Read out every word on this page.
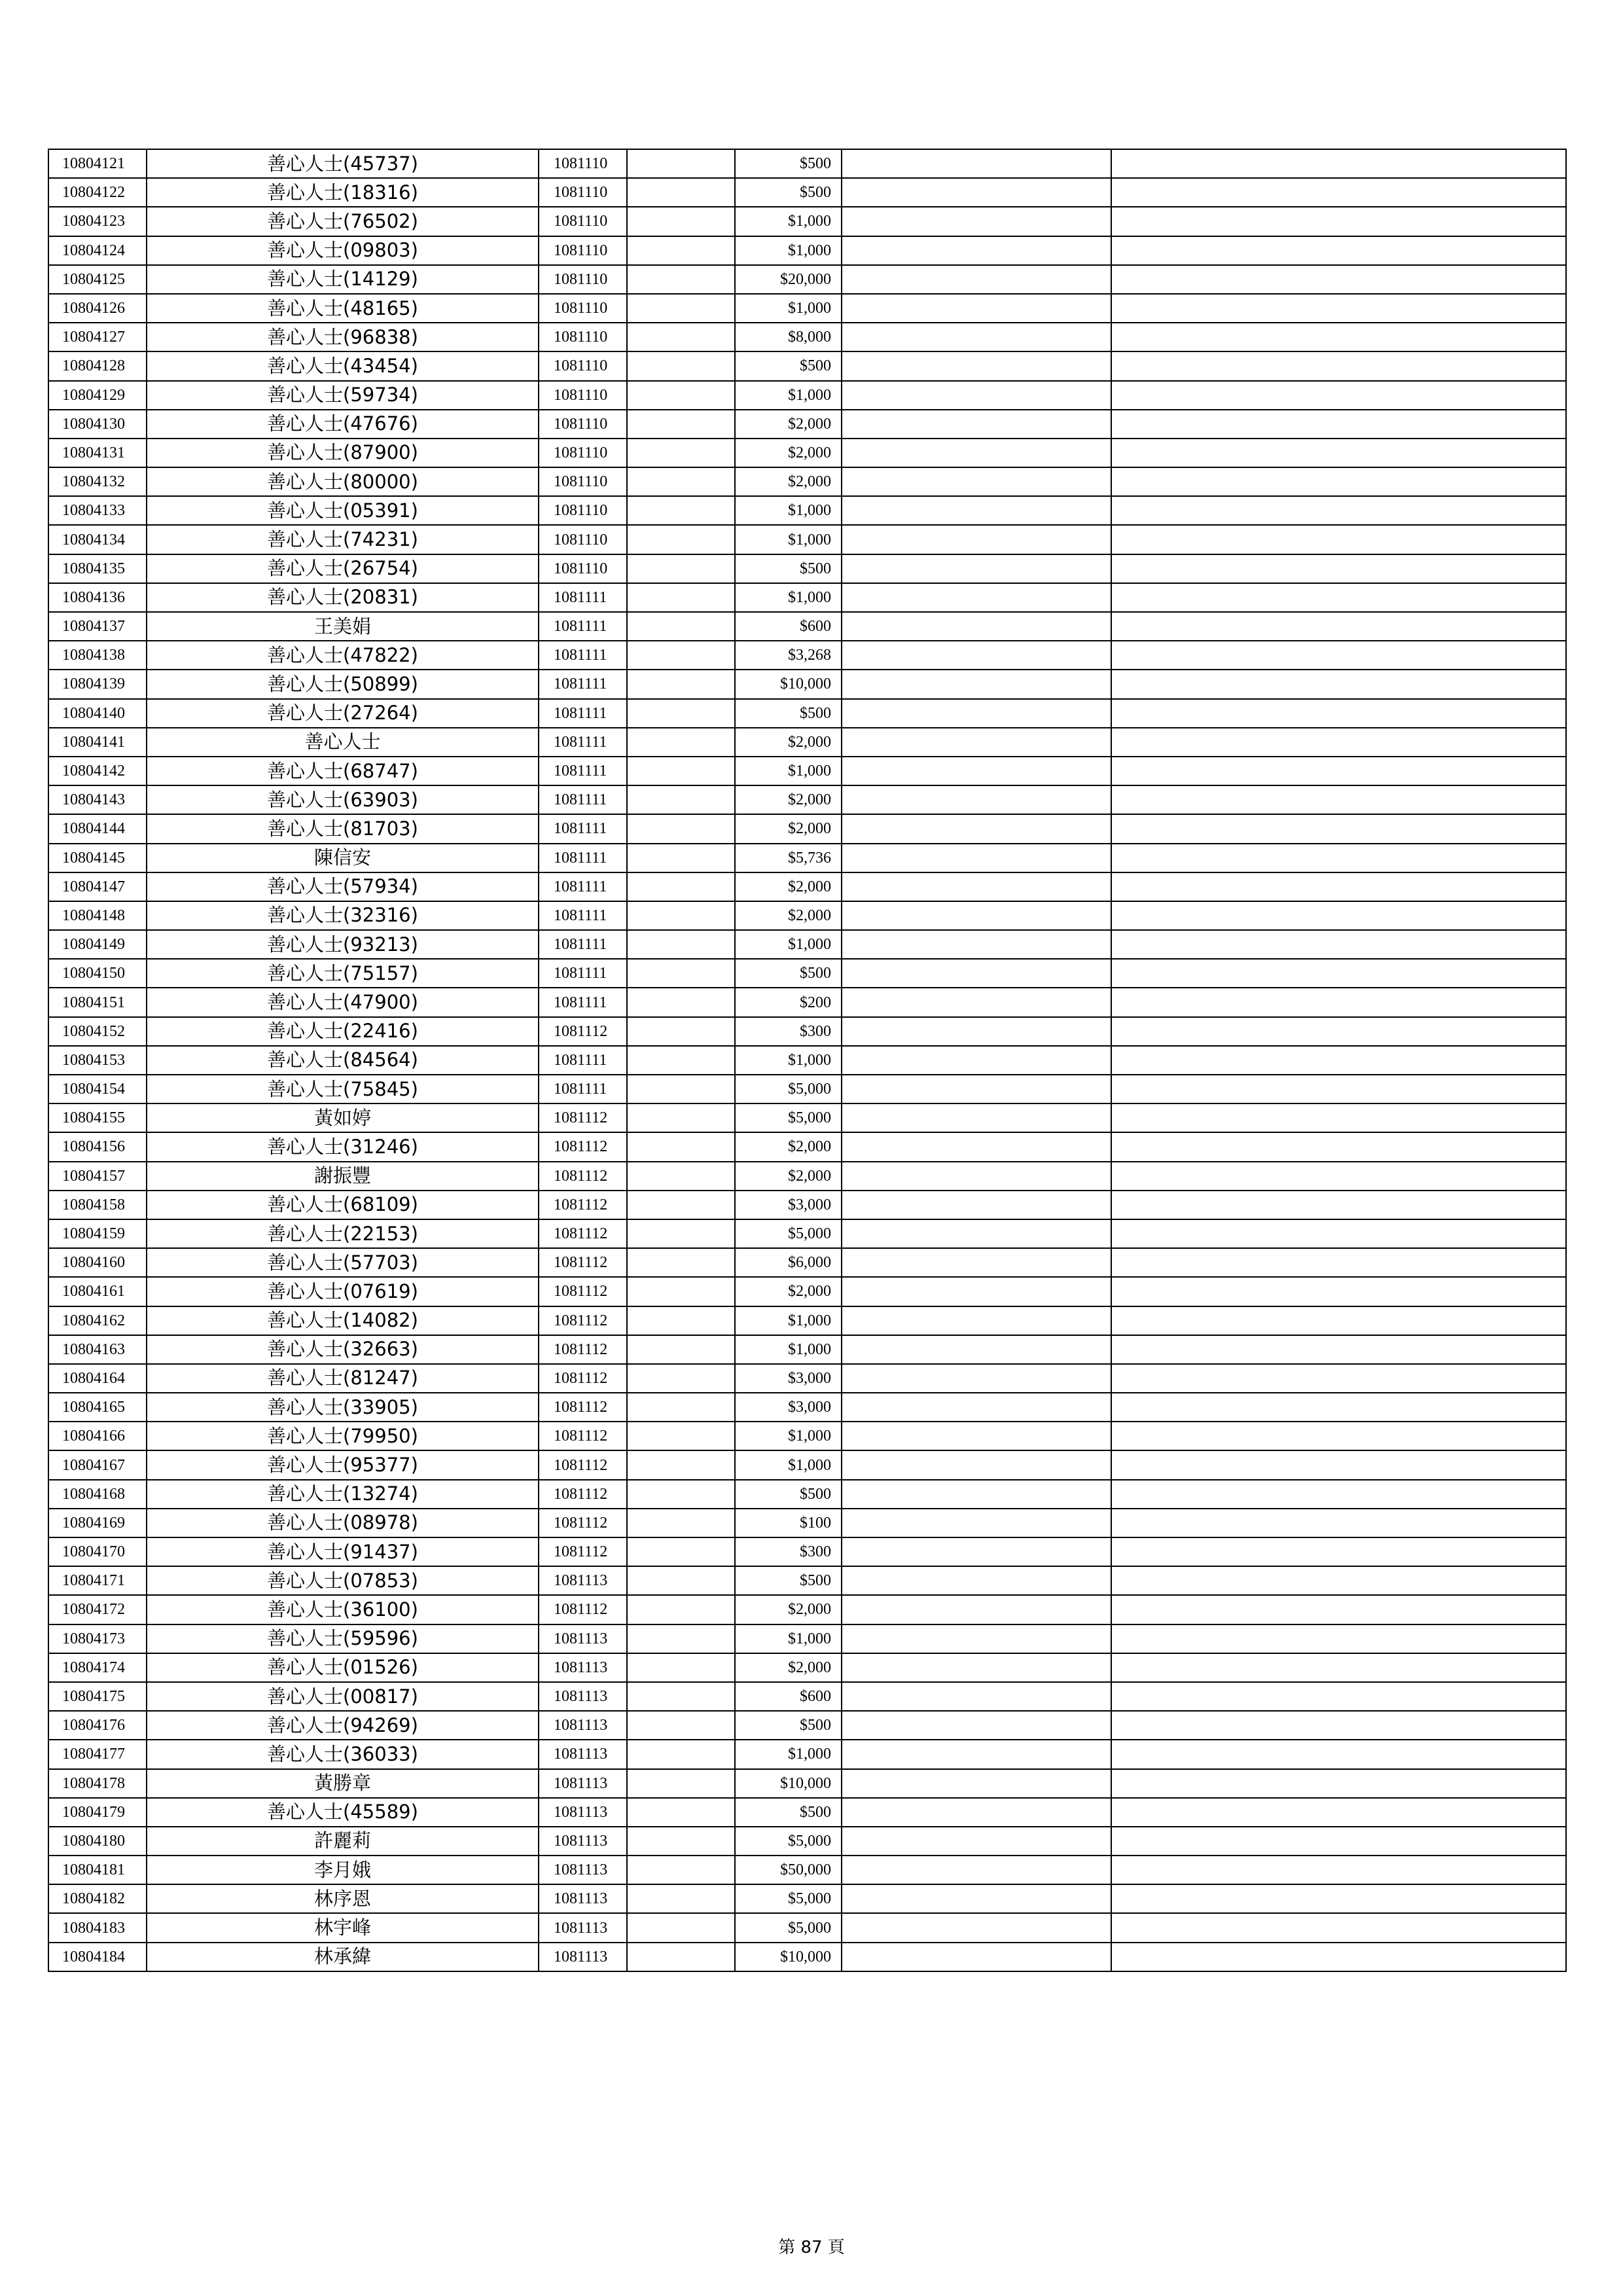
10804121	善心人士(45737)	1081110		$500			
10804122	善心人士(18316)	1081110		$500			
10804123	善心人士(76502)	1081110		$1,000			
10804124	善心人士(09803)	1081110		$1,000			
10804125	善心人士(14129)	1081110		$20,000			
10804126	善心人士(48165)	1081110		$1,000			
10804127	善心人士(96838)	1081110		$8,000			
10804128	善心人士(43454)	1081110		$500			
10804129	善心人士(59734)	1081110		$1,000			
10804130	善心人士(47676)	1081110		$2,000			
10804131	善心人士(87900)	1081110		$2,000			
10804132	善心人士(80000)	1081110		$2,000			
10804133	善心人士(05391)	1081110		$1,000			
10804134	善心人士(74231)	1081110		$1,000			
10804135	善心人士(26754)	1081110		$500			
10804136	善心人士(20831)	1081111		$1,000			
10804137	王美娟	1081111		$600			
10804138	善心人士(47822)	1081111		$3,268			
10804139	善心人士(50899)	1081111		$10,000			
10804140	善心人士(27264)	1081111		$500			
10804141	善心人士	1081111		$2,000			
10804142	善心人士(68747)	1081111		$1,000			
10804143	善心人士(63903)	1081111		$2,000			
10804144	善心人士(81703)	1081111		$2,000			
10804145	陳信安	1081111		$5,736			
10804147	善心人士(57934)	1081111		$2,000			
10804148	善心人士(32316)	1081111		$2,000			
10804149	善心人士(93213)	1081111		$1,000			
10804150	善心人士(75157)	1081111		$500			
10804151	善心人士(47900)	1081111		$200			
10804152	善心人士(22416)	1081112		$300			
10804153	善心人士(84564)	1081111		$1,000			
10804154	善心人士(75845)	1081111		$5,000			
10804155	黃如婷	1081112		$5,000			
10804156	善心人士(31246)	1081112		$2,000			
10804157	謝振豐	1081112		$2,000			
10804158	善心人士(68109)	1081112		$3,000			
10804159	善心人士(22153)	1081112		$5,000			
10804160	善心人士(57703)	1081112		$6,000			
10804161	善心人士(07619)	1081112		$2,000			
10804162	善心人士(14082)	1081112		$1,000			
10804163	善心人士(32663)	1081112		$1,000			
10804164	善心人士(81247)	1081112		$3,000			
10804165	善心人士(33905)	1081112		$3,000			
10804166	善心人士(79950)	1081112		$1,000			
10804167	善心人士(95377)	1081112		$1,000			
10804168	善心人士(13274)	1081112		$500			
10804169	善心人士(08978)	1081112		$100			
10804170	善心人士(91437)	1081112		$300			
10804171	善心人士(07853)	1081113		$500			
10804172	善心人士(36100)	1081112		$2,000			
10804173	善心人士(59596)	1081113		$1,000			
10804174	善心人士(01526)	1081113		$2,000			
10804175	善心人士(00817)	1081113		$600			
10804176	善心人士(94269)	1081113		$500			
10804177	善心人士(36033)	1081113		$1,000			
10804178	黃勝章	1081113		$10,000			
10804179	善心人士(45589)	1081113		$500			
10804180	許麗莉	1081113		$5,000			
10804181	李月娥	1081113		$50,000			
10804182	林序恩	1081113		$5,000			
10804183	林宇峰	1081113		$5,000			
10804184	林承緯	1081113		$10,000			
第 87 頁
